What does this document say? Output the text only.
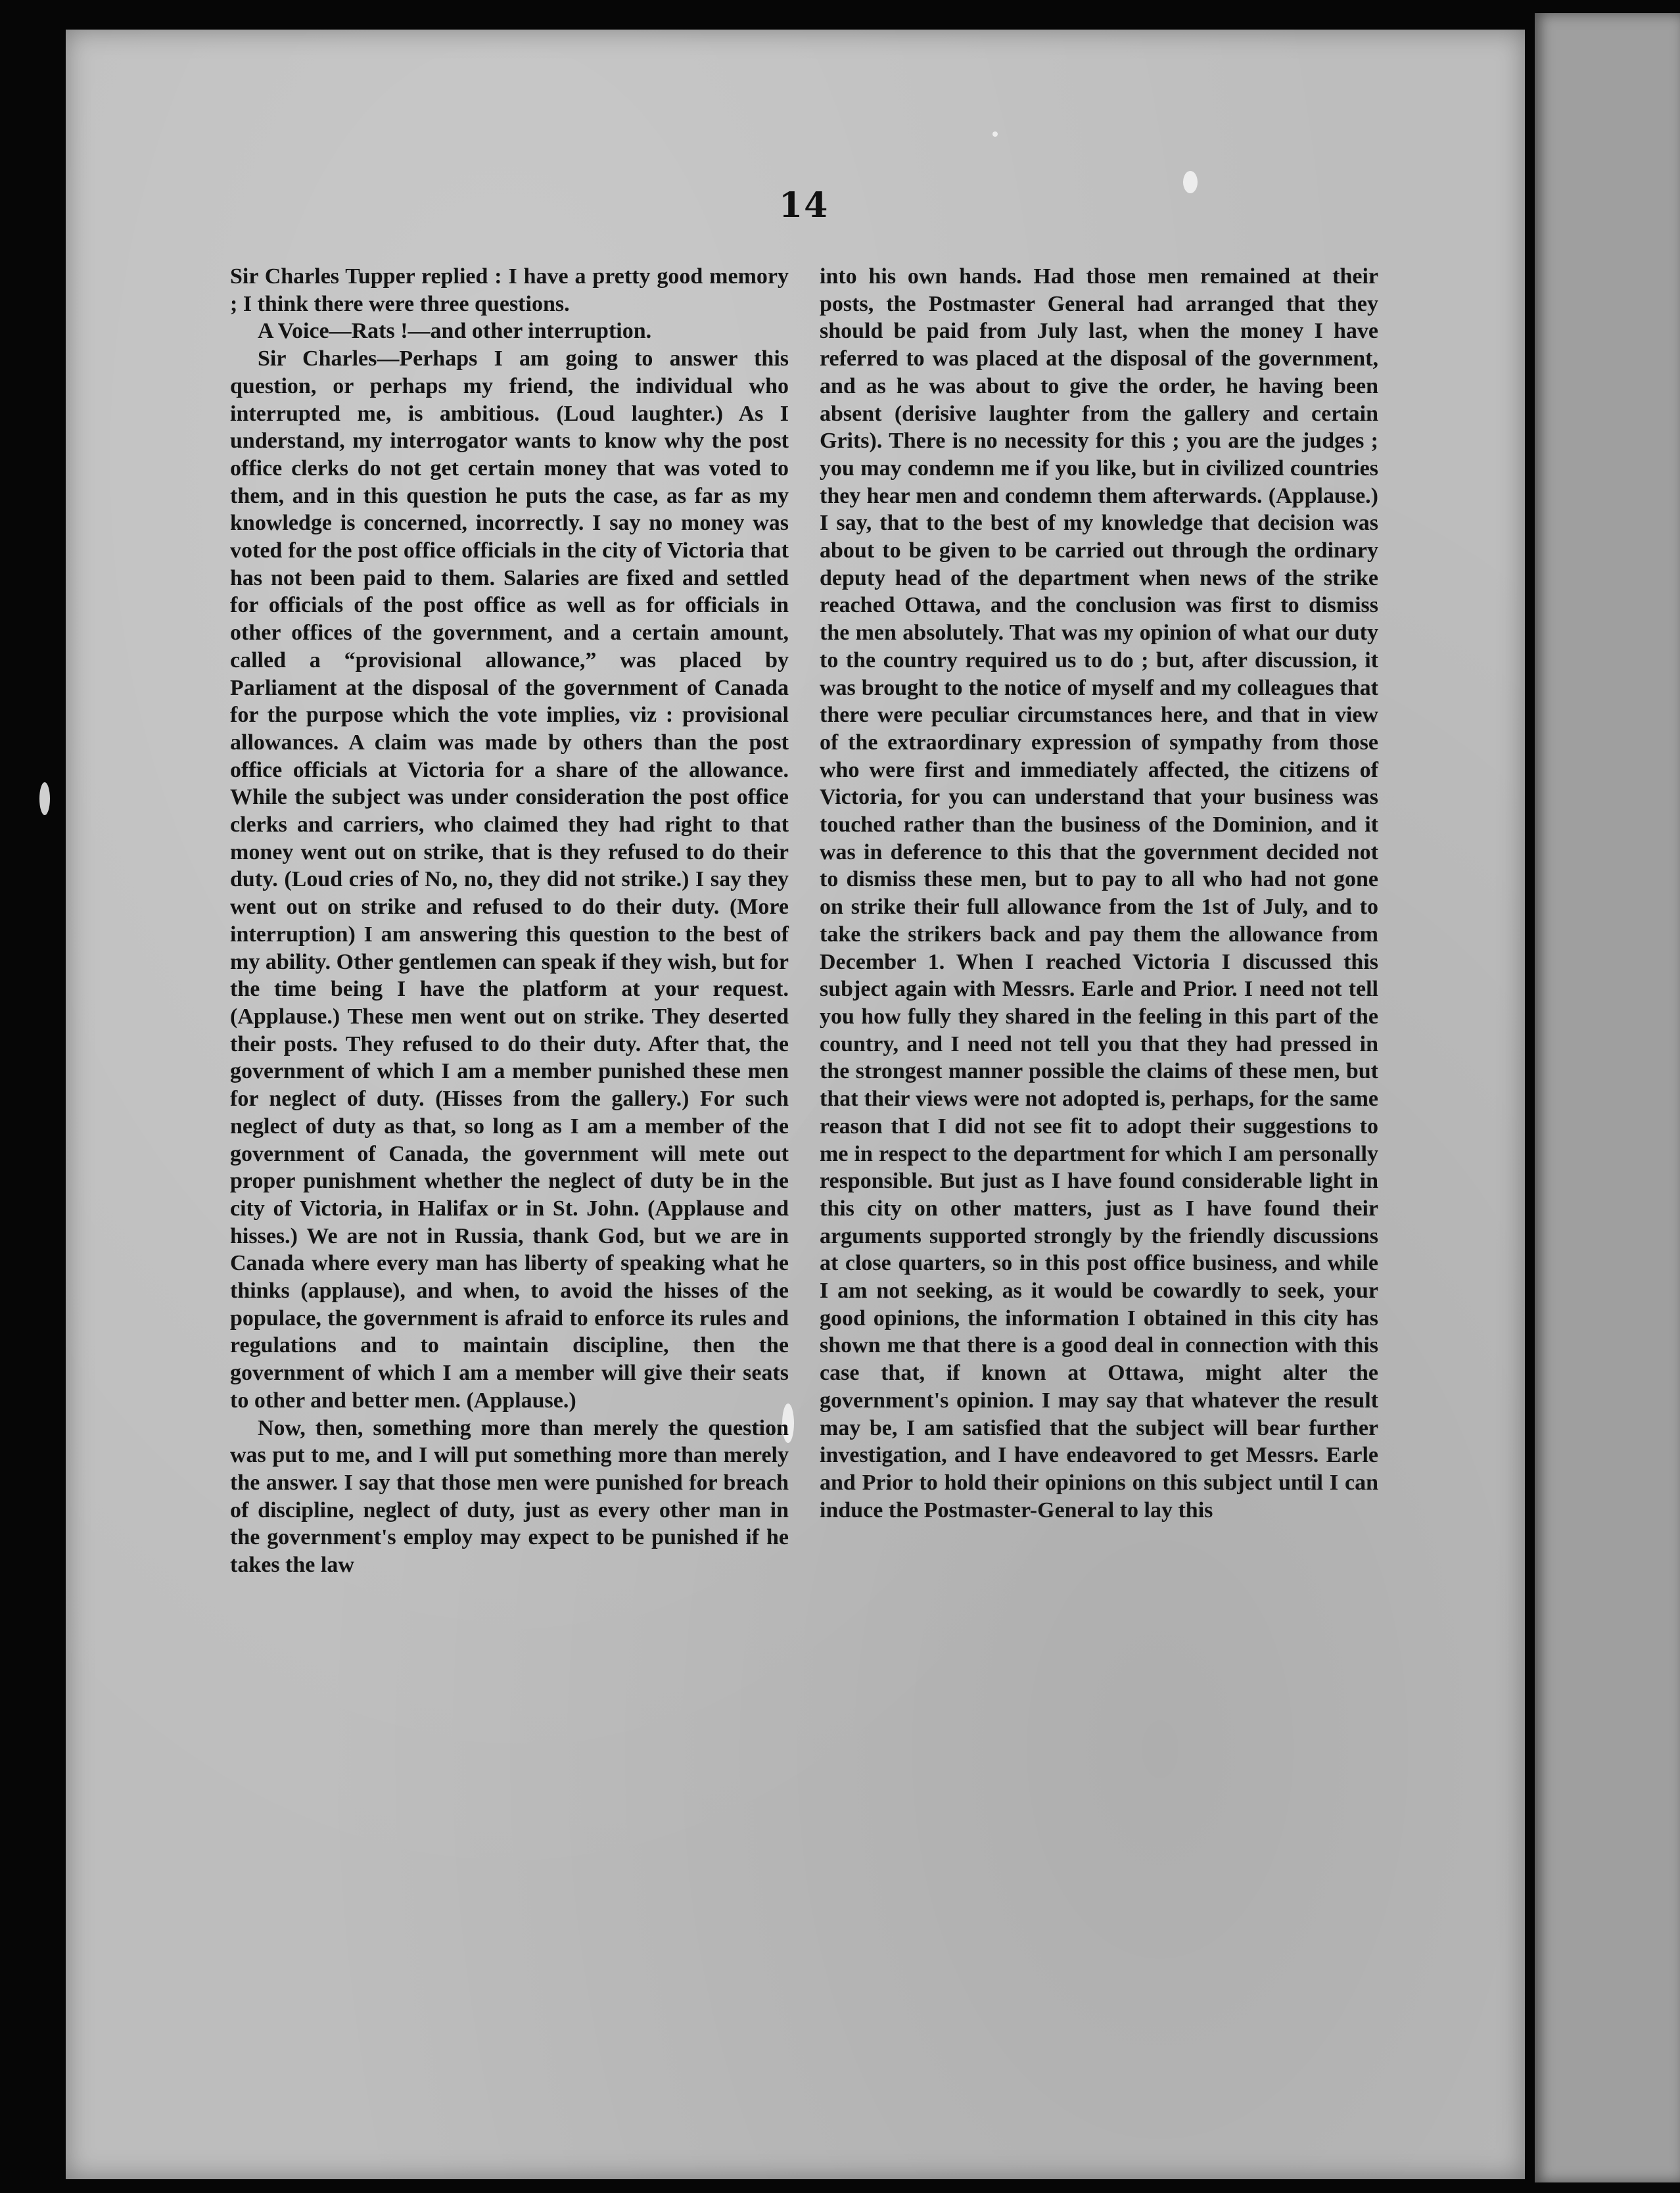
14

Sir Charles Tupper replied : I have a pretty good memory ; I think there were three questions.

A Voice—Rats !—and other interruption.

Sir Charles—Perhaps I am going to answer this question, or perhaps my friend, the individual who interrupted me, is ambitious. (Loud laughter.) As I understand, my interrogator wants to know why the post office clerks do not get certain money that was voted to them, and in this question he puts the case, as far as my knowledge is concerned, incorrectly. I say no money was voted for the post office officials in the city of Victoria that has not been paid to them. Salaries are fixed and settled for officials of the post office as well as for officials in other offices of the government, and a certain amount, called a “provisional allowance,” was placed by Parliament at the disposal of the government of Canada for the purpose which the vote implies, viz : provisional allowances. A claim was made by others than the post office officials at Victoria for a share of the allowance. While the subject was under consideration the post office clerks and carriers, who claimed they had right to that money went out on strike, that is they refused to do their duty. (Loud cries of No, no, they did not strike.) I say they went out on strike and refused to do their duty. (More interruption) I am answering this question to the best of my ability. Other gentlemen can speak if they wish, but for the time being I have the platform at your request. (Applause.) These men went out on strike. They deserted their posts. They refused to do their duty. After that, the government of which I am a member punished these men for neglect of duty. (Hisses from the gallery.) For such neglect of duty as that, so long as I am a member of the government of Canada, the government will mete out proper punishment whether the neglect of duty be in the city of Victoria, in Halifax or in St. John. (Applause and hisses.) We are not in Russia, thank God, but we are in Canada where every man has liberty of speaking what he thinks (applause), and when, to avoid the hisses of the populace, the government is afraid to enforce its rules and regulations and to maintain discipline, then the government of which I am a member will give their seats to other and better men. (Applause.)

Now, then, something more than merely the question was put to me, and I will put something more than merely the answer. I say that those men were punished for breach of discipline, neglect of duty, just as every other man in the government's employ may expect to be punished if he takes the law

into his own hands. Had those men remained at their posts, the Postmaster General had arranged that they should be paid from July last, when the money I have referred to was placed at the disposal of the government, and as he was about to give the order, he having been absent (derisive laughter from the gallery and certain Grits). There is no necessity for this ; you are the judges ; you may condemn me if you like, but in civilized countries they hear men and condemn them afterwards. (Applause.) I say, that to the best of my knowledge that decision was about to be given to be carried out through the ordinary deputy head of the department when news of the strike reached Ottawa, and the conclusion was first to dismiss the men absolutely. That was my opinion of what our duty to the country required us to do ; but, after discussion, it was brought to the notice of myself and my colleagues that there were peculiar circumstances here, and that in view of the extraordinary expression of sympathy from those who were first and immediately affected, the citizens of Victoria, for you can understand that your business was touched rather than the business of the Dominion, and it was in deference to this that the government decided not to dismiss these men, but to pay to all who had not gone on strike their full allowance from the 1st of July, and to take the strikers back and pay them the allowance from December 1. When I reached Victoria I discussed this subject again with Messrs. Earle and Prior. I need not tell you how fully they shared in the feeling in this part of the country, and I need not tell you that they had pressed in the strongest manner possible the claims of these men, but that their views were not adopted is, perhaps, for the same reason that I did not see fit to adopt their suggestions to me in respect to the department for which I am personally responsible. But just as I have found considerable light in this city on other matters, just as I have found their arguments supported strongly by the friendly discussions at close quarters, so in this post office business, and while I am not seeking, as it would be cowardly to seek, your good opinions, the information I obtained in this city has shown me that there is a good deal in connection with this case that, if known at Ottawa, might alter the government's opinion. I may say that whatever the result may be, I am satisfied that the subject will bear further investigation, and I have endeavored to get Messrs. Earle and Prior to hold their opinions on this subject until I can induce the Postmaster-General to lay this
